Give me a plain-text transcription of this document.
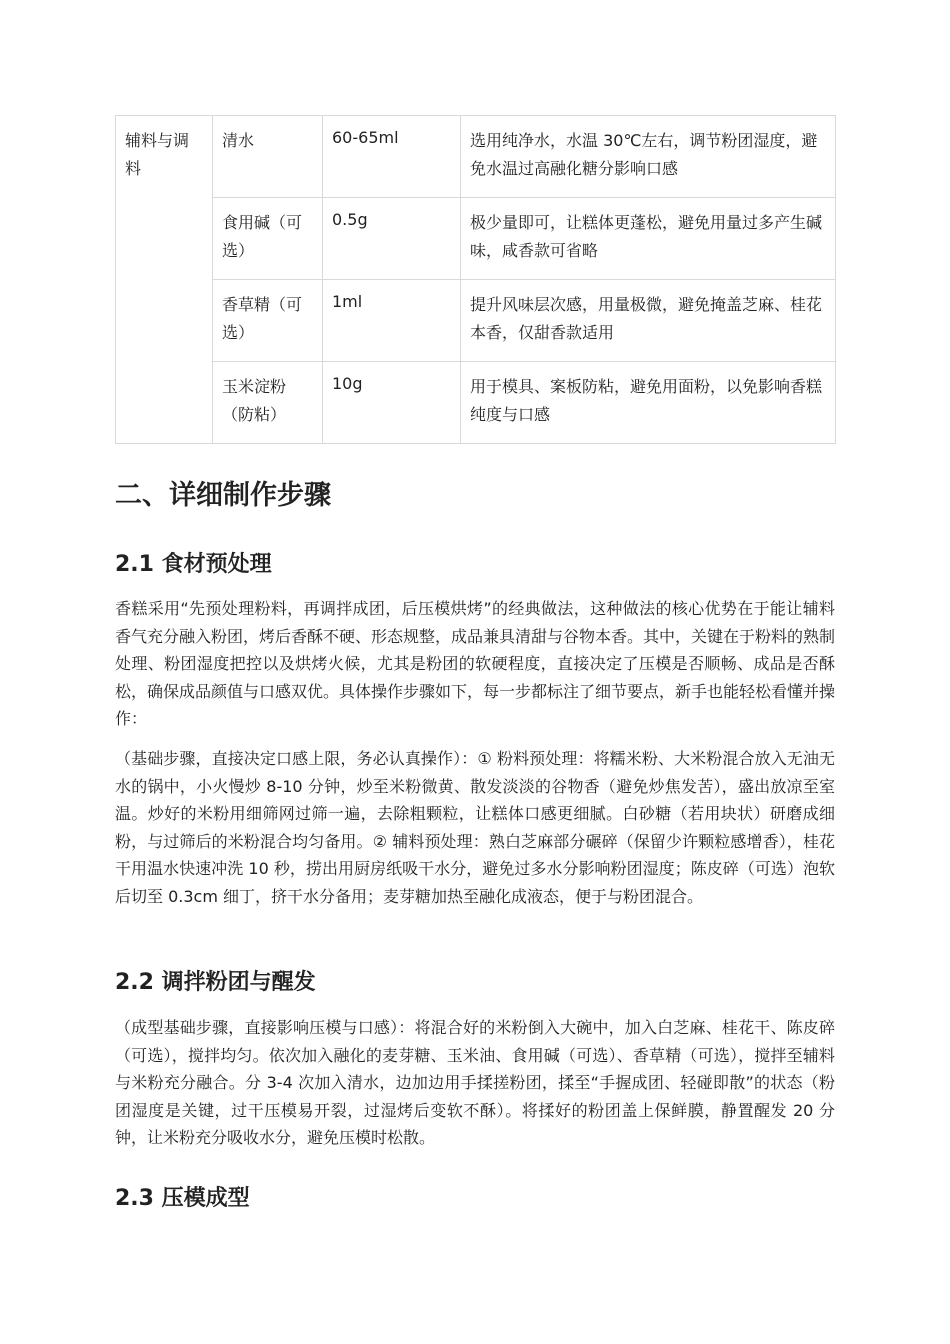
辅料与调料	清水	60-65ml	选用纯净水，水温 30℃左右，调节粉团湿度，避免水温过高融化糖分影响口感
	食用碱（可选）	0.5g	极少量即可，让糕体更蓬松，避免用量过多产生碱味，咸香款可省略
	香草精（可选）	1ml	提升风味层次感，用量极微，避免掩盖芝麻、桂花本香，仅甜香款适用
	玉米淀粉（防粘）	10g	用于模具、案板防粘，避免用面粉，以免影响香糕纯度与口感
二、详细制作步骤
2.1 食材预处理

香糕采用“先预处理粉料，再调拌成团，后压模烘烤”的经典做法，这种做法的核心优势在于能让辅料香气充分融入粉团，烤后香酥不硬、形态规整，成品兼具清甜与谷物本香。其中，关键在于粉料的熟制处理、粉团湿度把控以及烘烤火候，尤其是粉团的软硬程度，直接决定了压模是否顺畅、成品是否酥松，确保成品颜值与口感双优。具体操作步骤如下，每一步都标注了细节要点，新手也能轻松看懂并操作：

（基础步骤，直接决定口感上限，务必认真操作）：① 粉料预处理：将糯米粉、大米粉混合放入无油无水的锅中，小火慢炒 8-10 分钟，炒至米粉微黄、散发淡淡的谷物香（避免炒焦发苦），盛出放凉至室温。炒好的米粉用细筛网过筛一遍，去除粗颗粒，让糕体口感更细腻。白砂糖（若用块状）研磨成细粉，与过筛后的米粉混合均匀备用。② 辅料预处理：熟白芝麻部分碾碎（保留少许颗粒感增香），桂花干用温水快速冲洗 10 秒，捞出用厨房纸吸干水分，避免过多水分影响粉团湿度；陈皮碎（可选）泡软后切至 0.3cm 细丁，挤干水分备用；麦芽糖加热至融化成液态，便于与粉团混合。

2.2 调拌粉团与醒发

（成型基础步骤，直接影响压模与口感）：将混合好的米粉倒入大碗中，加入白芝麻、桂花干、陈皮碎（可选），搅拌均匀。依次加入融化的麦芽糖、玉米油、食用碱（可选）、香草精（可选），搅拌至辅料与米粉充分融合。分 3-4 次加入清水，边加边用手揉搓粉团，揉至“手握成团、轻碰即散”的状态（粉团湿度是关键，过干压模易开裂，过湿烤后变软不酥）。将揉好的粉团盖上保鲜膜，静置醒发 20 分钟，让米粉充分吸收水分，避免压模时松散。

2.3 压模成型
